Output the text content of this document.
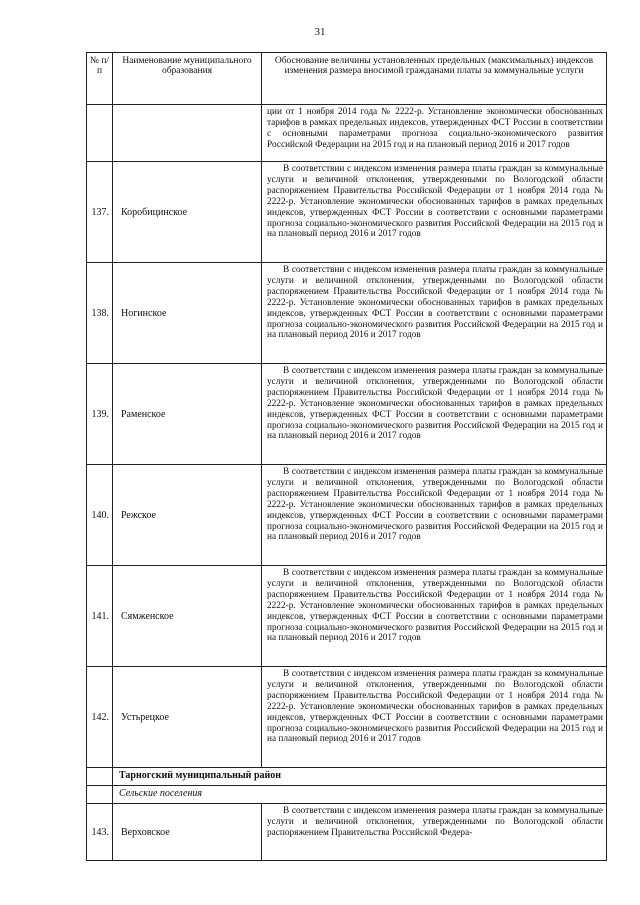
31
№ п/п	Наименование муниципального образования	Обоснование величины установленных предельных (максимальных) индексов изменения размера вносимой гражданами платы за коммунальные услуги

		ции от 1 ноября 2014 года № 2222-р. Установление экономически обоснованных тарифов в рамках предельных индексов, утвержденных ФСТ России в соответствии с основными параметрами прогноза социально-экономического развития Российской Федерации на 2015 год и на плановый период 2016 и 2017 годов

137.	Коробицинское	В соответствии с индексом изменения размера платы граждан за коммунальные услуги и величиной отклонения, утвержденными по Вологодской области распоряжением Правительства Российской Федерации от 1 ноября 2014 года № 2222-р. Установление экономически обоснованных тарифов в рамках предельных индексов, утвержденных ФСТ России в соответствии с основными параметрами прогноза социально-экономического развития Российской Федерации на 2015 год и на плановый период 2016 и 2017 годов

138.	Ногинское	В соответствии с индексом изменения размера платы граждан за коммунальные услуги и величиной отклонения, утвержденными по Вологодской области распоряжением Правительства Российской Федерации от 1 ноября 2014 года № 2222-р. Установление экономически обоснованных тарифов в рамках предельных индексов, утвержденных ФСТ России в соответствии с основными параметрами прогноза социально-экономического развития Российской Федерации на 2015 год и на плановый период 2016 и 2017 годов

139.	Раменское	В соответствии с индексом изменения размера платы граждан за коммунальные услуги и величиной отклонения, утвержденными по Вологодской области распоряжением Правительства Российской Федерации от 1 ноября 2014 года № 2222-р. Установление экономически обоснованных тарифов в рамках предельных индексов, утвержденных ФСТ России в соответствии с основными параметрами прогноза социально-экономического развития Российской Федерации на 2015 год и на плановый период 2016 и 2017 годов

140.	Режское	В соответствии с индексом изменения размера платы граждан за коммунальные услуги и величиной отклонения, утвержденными по Вологодской области распоряжением Правительства Российской Федерации от 1 ноября 2014 года № 2222-р. Установление экономически обоснованных тарифов в рамках предельных индексов, утвержденных ФСТ России в соответствии с основными параметрами прогноза социально-экономического развития Российской Федерации на 2015 год и на плановый период 2016 и 2017 годов

141.	Сямженское	В соответствии с индексом изменения размера платы граждан за коммунальные услуги и величиной отклонения, утвержденными по Вологодской области распоряжением Правительства Российской Федерации от 1 ноября 2014 года № 2222-р. Установление экономически обоснованных тарифов в рамках предельных индексов, утвержденных ФСТ России в соответствии с основными параметрами прогноза социально-экономического развития Российской Федерации на 2015 год и на плановый период 2016 и 2017 годов

142.	Устьрецкое	В соответствии с индексом изменения размера платы граждан за коммунальные услуги и величиной отклонения, утвержденными по Вологодской области распоряжением Правительства Российской Федерации от 1 ноября 2014 года № 2222-р. Установление экономически обоснованных тарифов в рамках предельных индексов, утвержденных ФСТ России в соответствии с основными параметрами прогноза социально-экономического развития Российской Федерации на 2015 год и на плановый период 2016 и 2017 годов

	Тарногский муниципальный район	
	Сельские поселения	
143.	Верховское	В соответствии с индексом изменения размера платы граждан за коммунальные услуги и величиной отклонения, утвержденными по Вологодской области распоряжением Правительства Российской Федера-
